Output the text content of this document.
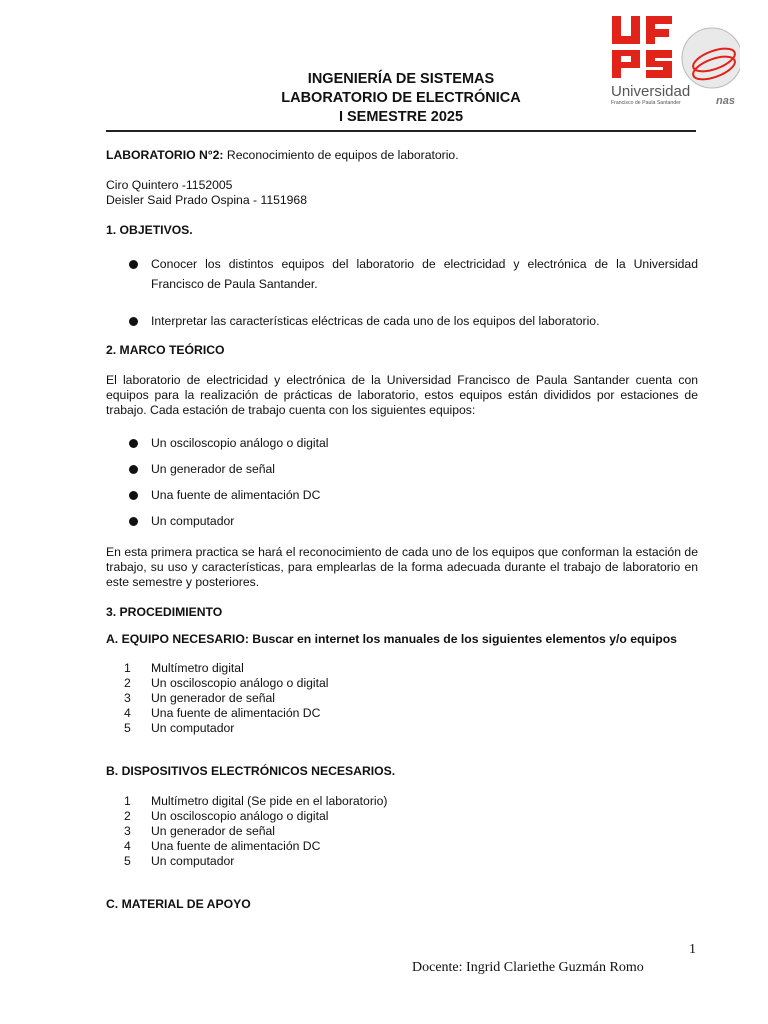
Universidad
Francisco de Paula Santander	nas
INGENIERÍA DE SISTEMAS
LABORATORIO DE ELECTRÓNICA
I SEMESTRE 2025

LABORATORIO N°2: Reconocimiento de equipos de laboratorio.

Ciro Quintero -1152005

Deisler Said Prado Ospina - 1151968

1. OBJETIVOS.

Conocer los distintos equipos del laboratorio de electricidad y electrónica de la Universidad Francisco de Paula Santander.
Interpretar las características eléctricas de cada uno de los equipos del laboratorio.

2. MARCO TEÓRICO

El laboratorio de electricidad y electrónica de la Universidad Francisco de Paula Santander cuenta con equipos para la realización de prácticas de laboratorio, estos equipos están divididos por estaciones de trabajo. Cada estación de trabajo cuenta con los siguientes equipos:

Un osciloscopio análogo o digital
Un generador de señal
Una fuente de alimentación DC
Un computador

En esta primera practica se hará el reconocimiento de cada uno de los equipos que conforman la estación de trabajo, su uso y características, para emplearlas de la forma adecuada durante el trabajo de laboratorio en este semestre y posteriores.

3. PROCEDIMIENTO

A. EQUIPO NECESARIO: Buscar en internet los manuales de los siguientes elementos y/o equipos

1 Multímetro digital
2 Un osciloscopio análogo o digital
3 Un generador de señal
4 Una fuente de alimentación DC
5 Un computador

B. DISPOSITIVOS ELECTRÓNICOS NECESARIOS.

1 Multímetro digital (Se pide en el laboratorio)
2 Un osciloscopio análogo o digital
3 Un generador de señal
4 Una fuente de alimentación DC
5 Un computador

C. MATERIAL DE APOYO

1
Docente: Ingrid Clariethe Guzmán Romo
